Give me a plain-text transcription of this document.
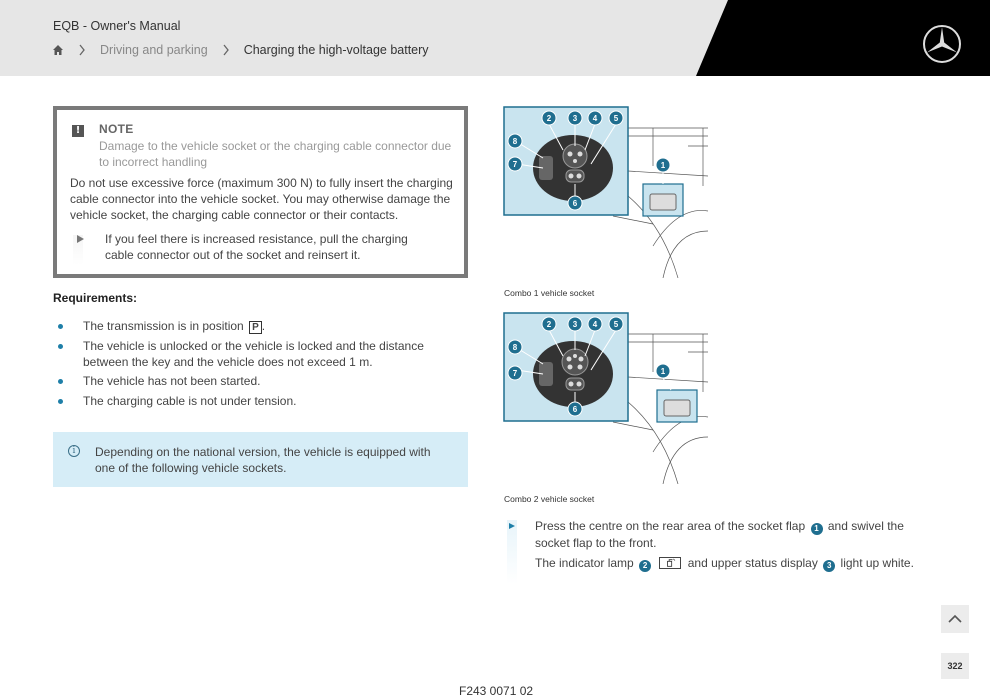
EQB - Owner's Manual
Driving and parking	Charging the high-voltage battery
!	NOTE
Damage to the vehicle socket or the charging cable connector due to incorrect handling
Do not use excessive force (maximum 300 N) to fully insert the charging cable connector into the vehicle socket. You may otherwise damage the vehicle socket, the charging cable connector or their contacts.
If you feel there is increased resistance, pull the charging cable connector out of the socket and reinsert it.
Requirements:
The transmission is in position P .
The vehicle is unlocked or the vehicle is locked and the distance between the key and the vehicle does not exceed 1 m.
The vehicle has not been started.
The charging cable is not under tension.
i	Depending on the national version, the vehicle is equipped with one of the following vehicle sockets.
2	3 4 5
8
7
6
1
Combo 1 vehicle socket
2	3 4 5
8
7
6
1
Combo 2 vehicle socket
Press the centre on the rear area of the socket flap 1 and swivel the socket flap to the front.
The indicator lamp 2	and upper status display 3 light up white.
322
F243 0071 02
